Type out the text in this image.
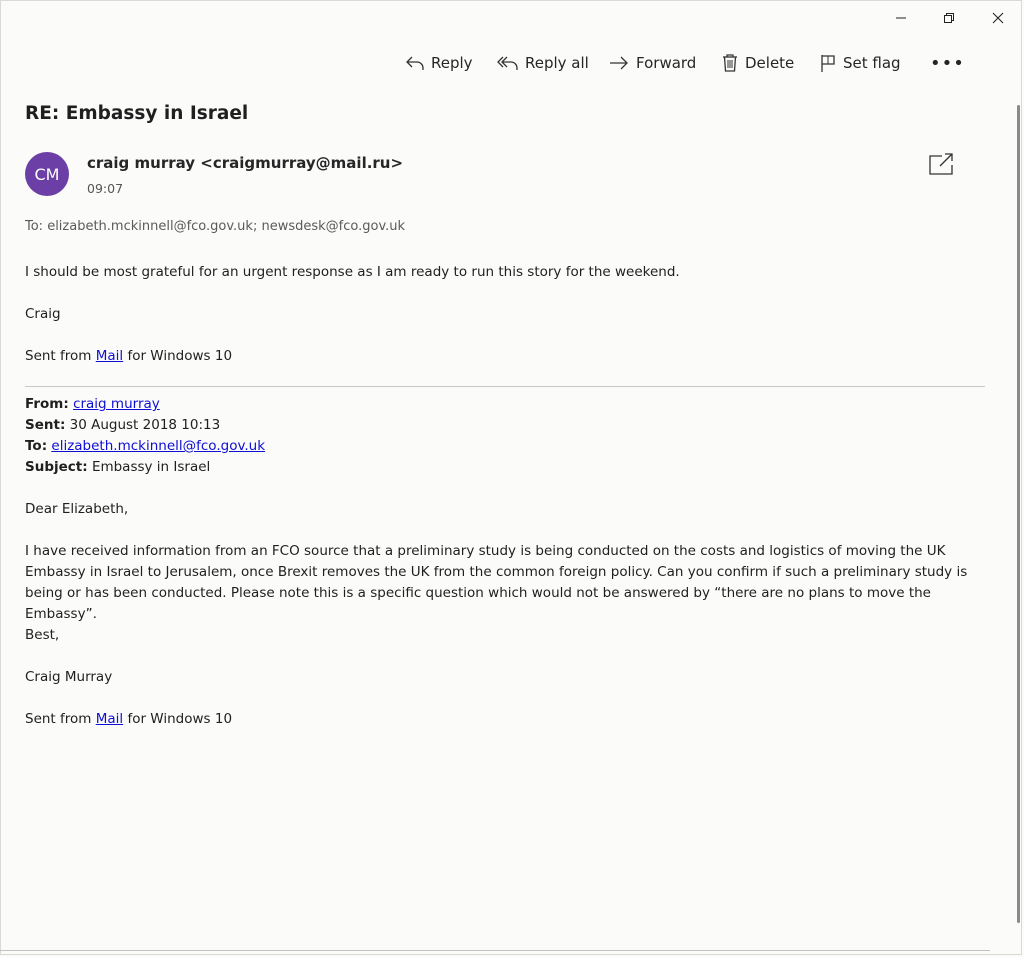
Reply	Reply all	Forward	Delete	Set flag •••
RE: Embassy in Israel
CM
craig murray <craigmurray@mail.ru>
09:07
To: elizabeth.mckinnell@fco.gov.uk; newsdesk@fco.gov.uk
I should be most grateful for an urgent response as I am ready to run this story for the weekend.
Craig
Sent from Mail for Windows 10
From: craig murray
Sent: 30 August 2018 10:13
To: elizabeth.mckinnell@fco.gov.uk
Subject: Embassy in Israel
Dear Elizabeth,
I have received information from an FCO source that a preliminary study is being conducted on the costs and logistics of moving the UK Embassy in Israel to Jerusalem, once Brexit removes the UK from the common foreign policy. Can you confirm if such a preliminary study is being or has been conducted. Please note this is a specific question which would not be answered by “there are no plans to move the Embassy”.
Best,
Craig Murray
Sent from Mail for Windows 10
